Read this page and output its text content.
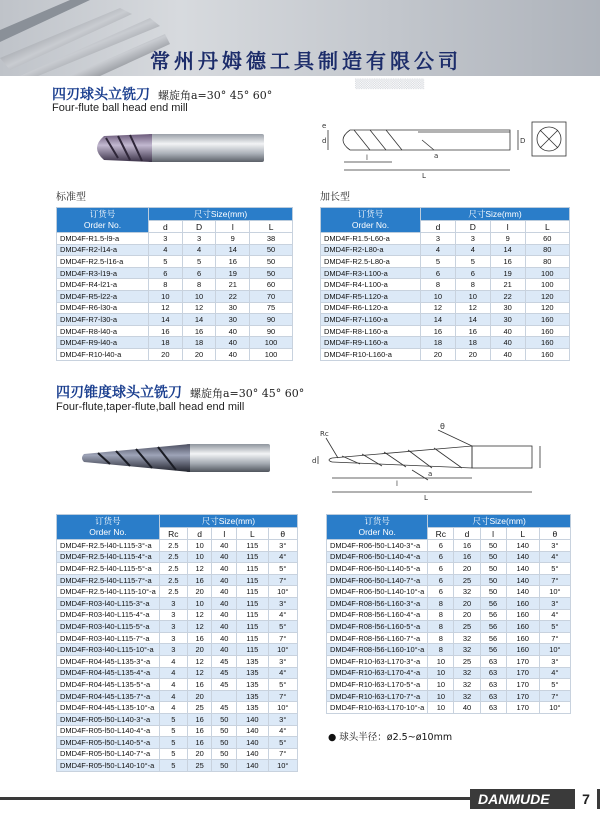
常州丹姆德工具制造有限公司
▒▒▒▒▒▒▒▒▒▒
四刃球头立铣刀 螺旋角a=30° 45° 60°
Four-flute ball head end mill
e
D
d
a
l
L
标准型	加长型
订货号
Order No.	尺寸Size(mm)			
	d	D	l	L
DMD4F-R1.5-l9-a	3	3	9	38
DMD4F-R2-l14-a	4	4	14	50
DMD4F-R2.5-l16-a	5	5	16	50
DMD4F-R3-l19-a	6	6	19	50
DMD4F-R4-l21-a	8	8	21	60
DMD4F-R5-l22-a	10	10	22	70
DMD4F-R6-l30-a	12	12	30	75
DMD4F-R7-l30-a	14	14	30	90
DMD4F-R8-l40-a	16	16	40	90
DMD4F-R9-l40-a	18	18	40	100
DMD4F-R10-l40-a	20	20	40	100
订货号
Order No.	尺寸Size(mm)			
	d	D	l	L
DMD4F-R1.5-L60-a	3	3	9	60
DMD4F-R2-L80-a	4	4	14	80
DMD4F-R2.5-L80-a	5	5	16	80
DMD4F-R3-L100-a	6	6	19	100
DMD4F-R4-L100-a	8	8	21	100
DMD4F-R5-L120-a	10	10	22	120
DMD4F-R6-L120-a	12	12	30	120
DMD4F-R7-L160-a	14	14	30	160
DMD4F-R8-L160-a	16	16	40	160
DMD4F-R9-L160-a	18	18	40	160
DMD4F-R10-L160-a	20	20	40	160
四刃锥度球头立铣刀 螺旋角a=30° 45° 60°
Four-flute,taper-flute,ball head end mill
Rc
θ
a
d
l
L
订货号
Order No.	尺寸Size(mm)				
	Rc	d	l	L	θ
DMD4F-R2.5-l40-L115-3°-a	2.5	10	40	115	3°
DMD4F-R2.5-l40-L115-4°-a	2.5	10	40	115	4°
DMD4F-R2.5-l40-L115-5°-a	2.5	12	40	115	5°
DMD4F-R2.5-l40-L115-7°-a	2.5	16	40	115	7°
DMD4F-R2.5-l40-L115-10°-a	2.5	20	40	115	10°
DMD4F-R03-l40-L115-3°-a	3	10	40	115	3°
DMD4F-R03-l40-L115-4°-a	3	12	40	115	4°
DMD4F-R03-l40-L115-5°-a	3	12	40	115	5°
DMD4F-R03-l40-L115-7°-a	3	16	40	115	7°
DMD4F-R03-l40-L115-10°-a	3	20	40	115	10°
DMD4F-R04-l45-L135-3°-a	4	12	45	135	3°
DMD4F-R04-l45-L135-4°-a	4	12	45	135	4°
DMD4F-R04-l45-L135-5°-a	4	16	45	135	5°
DMD4F-R04-l45-L135-7°-a	4	20		135	7°
DMD4F-R04-l45-L135-10°-a	4	25	45	135	10°
DMD4F-R05-l50-L140-3°-a	5	16	50	140	3°
DMD4F-R05-l50-L140-4°-a	5	16	50	140	4°
DMD4F-R05-l50-L140-5°-a	5	16	50	140	5°
DMD4F-R05-l50-L140-7°-a	5	20	50	140	7°
DMD4F-R05-l50-L140-10°-a	5	25	50	140	10°
订货号
Order No.	尺寸Size(mm)				
	Rc	d	l	L	θ
DMD4F-R06-l50-L140-3°-a	6	16	50	140	3°
DMD4F-R06-l50-L140-4°-a	6	16	50	140	4°
DMD4F-R06-l50-L140-5°-a	6	20	50	140	5°
DMD4F-R06-l50-L140-7°-a	6	25	50	140	7°
DMD4F-R06-l50-L140-10°-a	6	32	50	140	10°
DMD4F-R08-l56-L160-3°-a	8	20	56	160	3°
DMD4F-R08-l56-L160-4°-a	8	20	56	160	4°
DMD4F-R08-l56-L160-5°-a	8	25	56	160	5°
DMD4F-R08-l56-L160-7°-a	8	32	56	160	7°
DMD4F-R08-l56-L160-10°-a	8	32	56	160	10°
DMD4F-R10-l63-L170-3°-a	10	25	63	170	3°
DMD4F-R10-l63-L170-4°-a	10	32	63	170	4°
DMD4F-R10-l63-L170-5°-a	10	32	63	170	5°
DMD4F-R10-l63-L170-7°-a	10	32	63	170	7°
DMD4F-R10-l63-L170-10°-a	10	40	63	170	10°
● 球头半径：ø2.5~ø10mm
DANMUDE	7
